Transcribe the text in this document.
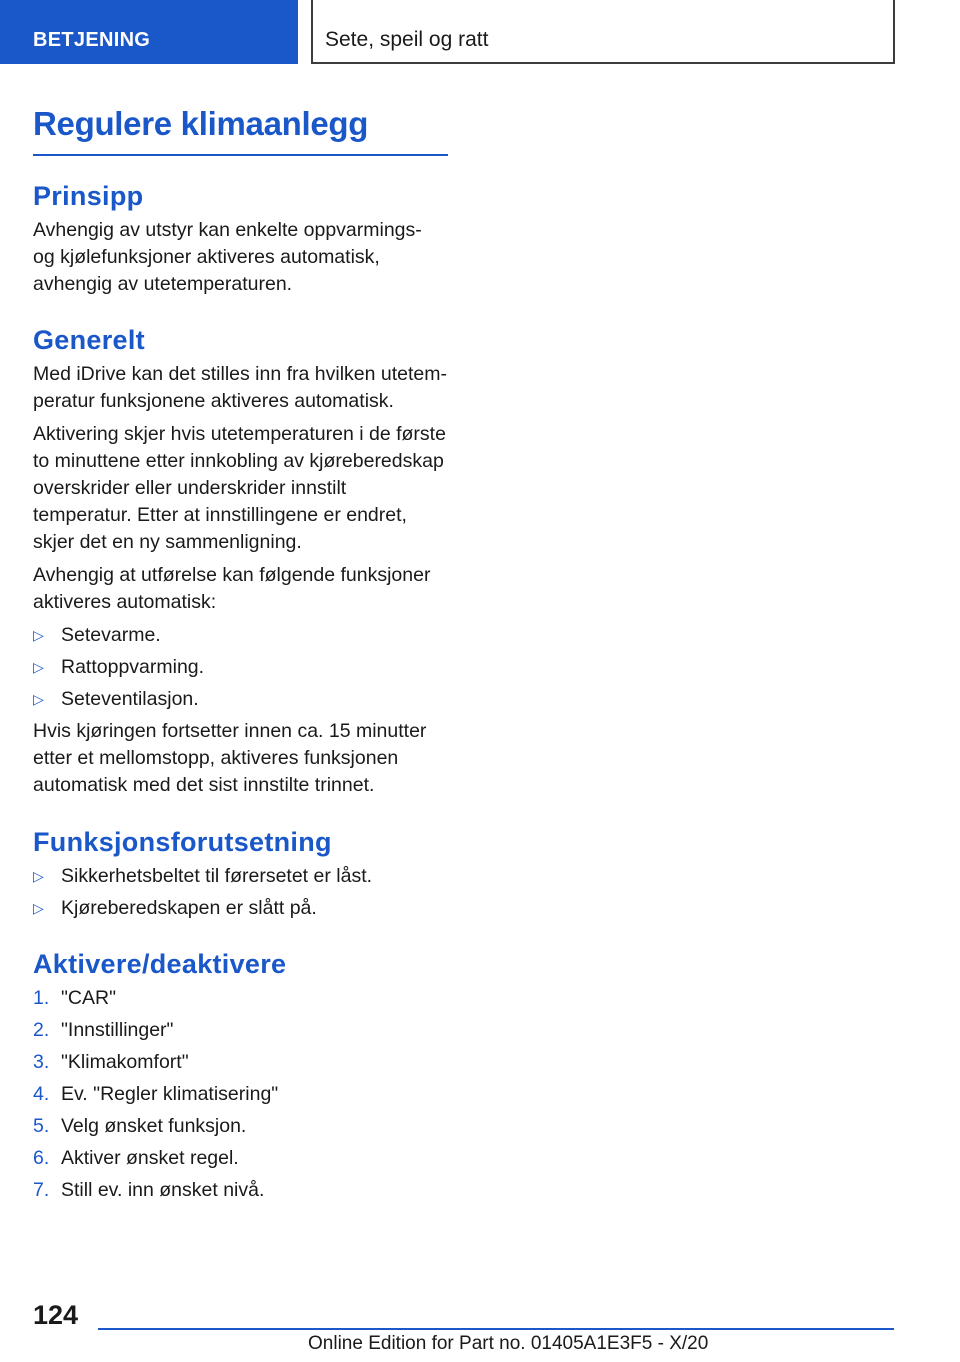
BETJENING	Sete, speil og ratt
Regulere klimaanlegg
Prinsipp

Avhengig av utstyr kan enkelte oppvarmings- og kjølefunksjoner aktiveres automatisk, avhengig av utetemperaturen.

Generelt

Med iDrive kan det stilles inn fra hvilken utetemperatur funksjonene aktiveres automatisk.

Aktivering skjer hvis utetemperaturen i de første to minuttene etter innkobling av kjøreberedskap overskrider eller underskrider innstilt temperatur. Etter at innstillingene er endret, skjer det en ny sammenligning.

Avhengig at utførelse kan følgende funksjoner aktiveres automatisk:

▷ Setevarme.
▷ Rattoppvarming.
▷ Seteventilasjon.

Hvis kjøringen fortsetter innen ca. 15 minutter etter et mellomstopp, aktiveres funksjonen automatisk med det sist innstilte trinnet.

Funksjonsforutsetning
▷ Sikkerhetsbeltet til førersetet er låst.
▷ Kjøreberedskapen er slått på.
Aktivere/deaktivere
1. "CAR"
2. "Innstillinger"
3. "Klimakomfort"
4. Ev. "Regler klimatisering"
5. Velg ønsket funksjon.
6. Aktiver ønsket regel.
7. Still ev. inn ønsket nivå.
124
Online Edition for Part no. 01405A1E3F5 - X/20
